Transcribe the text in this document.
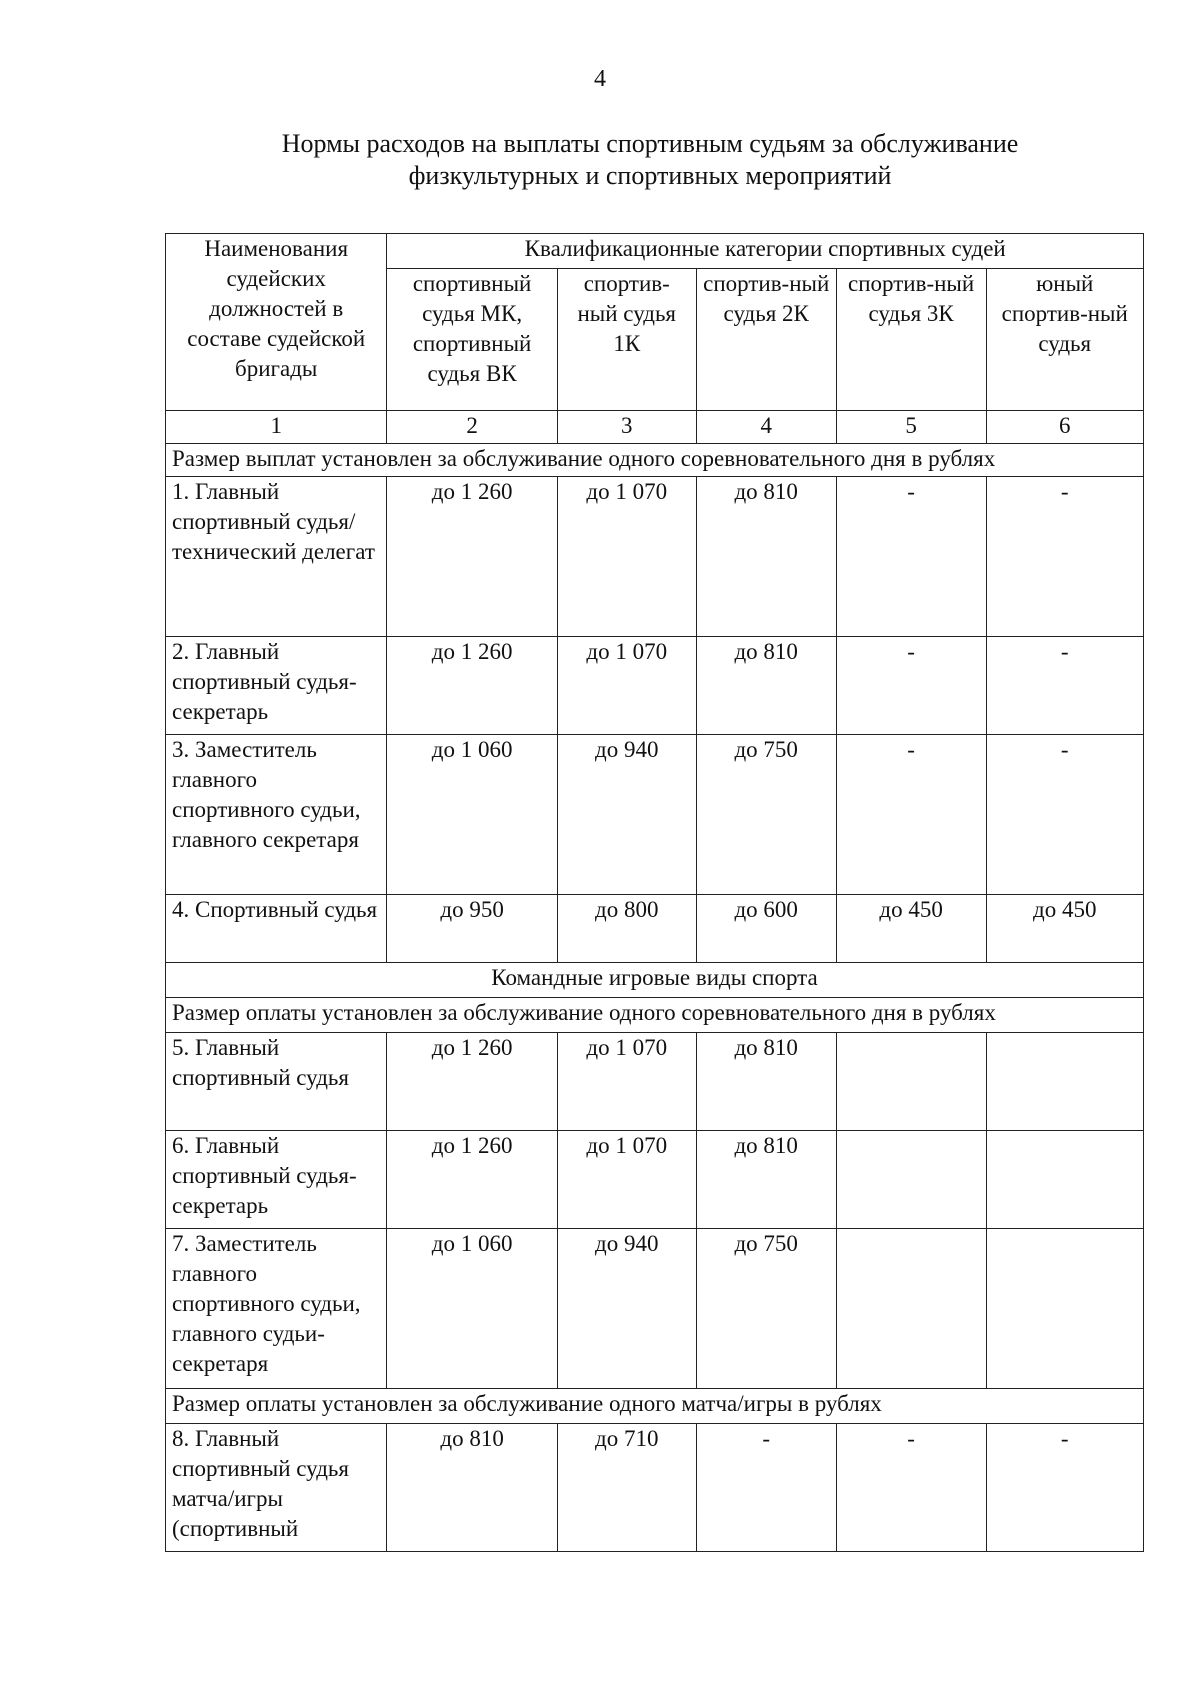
4
Нормы расходов на выплаты спортивным судьям за обслуживание
физкультурных и спортивных мероприятий
Наименования судейских должностей в составе судейской бригады	Квалификационные категории спортивных судей				
	спортивный судья МК, спортивный судья ВК	спортив-ный судья 1К	спортив-ный судья 2К	спортив-ный судья 3К	юный спортив-ный судья
1	2	3	4	5	6
Размер выплат установлен за обслуживание одного соревновательного дня в рублях					
1. Главный спортивный судья/ технический делегат	до 1 260	до 1 070	до 810	-	-
2. Главный спортивный судья-секретарь	до 1 260	до 1 070	до 810	-	-
3. Заместитель главного спортивного судьи, главного секретаря	до 1 060	до 940	до 750	-	-
4. Спортивный судья	до 950	до 800	до 600	до 450	до 450
Командные игровые виды спорта					
Размер оплаты установлен за обслуживание одного соревновательного дня в рублях					
5. Главный спортивный судья	до 1 260	до 1 070	до 810		
6. Главный спортивный судья-секретарь	до 1 260	до 1 070	до 810		
7. Заместитель главного спортивного судьи, главного судьи-секретаря	до 1 060	до 940	до 750		
Размер оплаты установлен за обслуживание одного матча/игры в рублях					
8. Главный спортивный судья матча/игры (спортивный	до 810	до 710	-	-	-
